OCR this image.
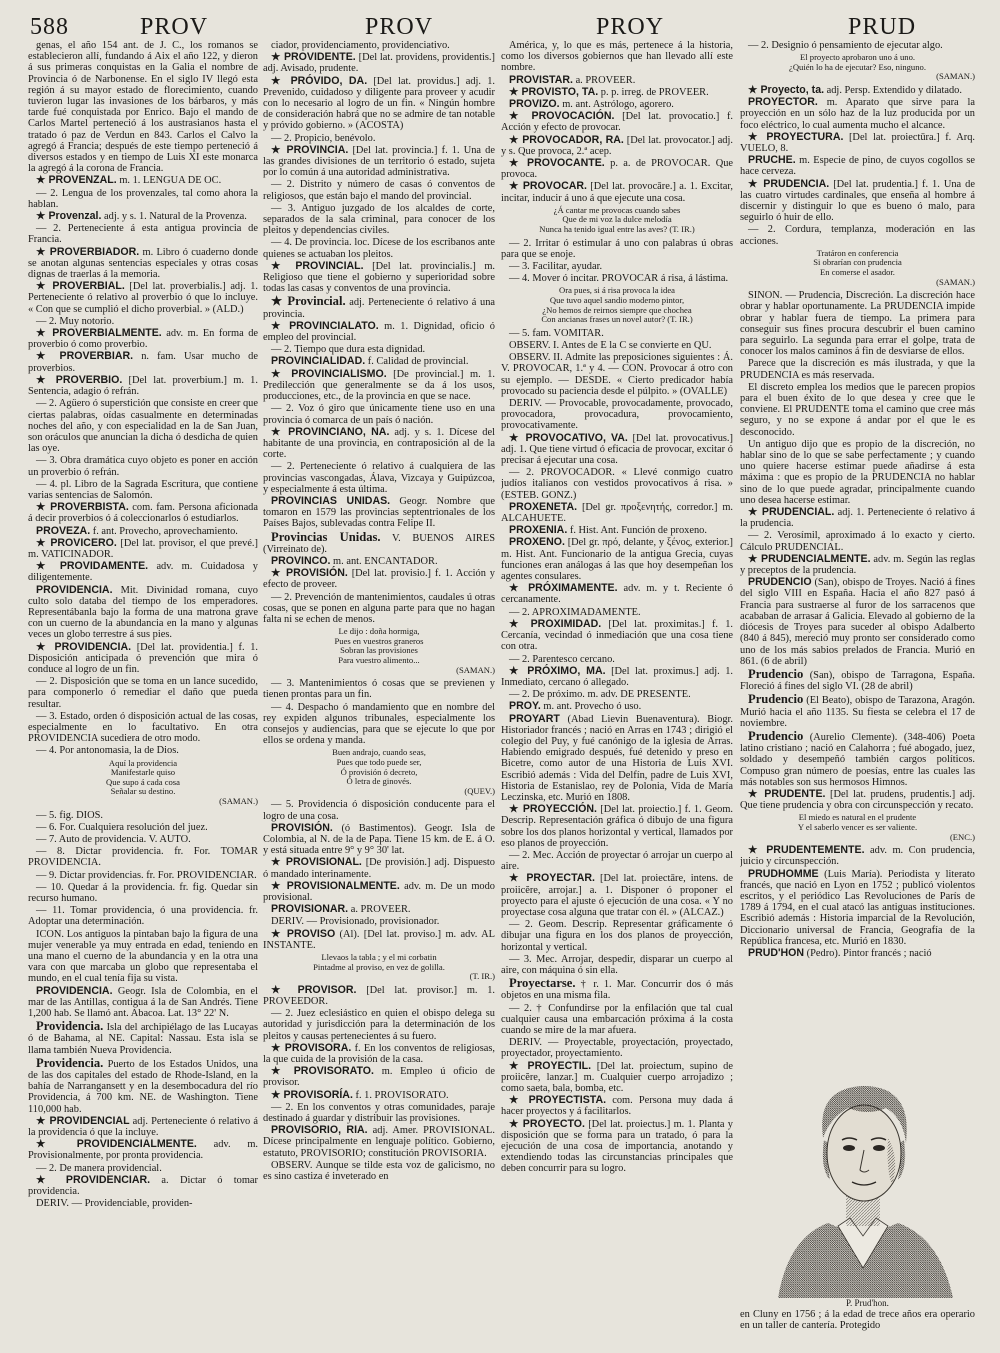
588	PROV	PROV	PROY	PRUD

genas, el año 154 ant. de J. C., los romanos se establecieron allí, fundando á Aix el año 122, y dieron á sus primeras conquistas en la Galia el nombre de Provincia ó de Narbonense. En el siglo IV llegó esta región á su mayor estado de florecimiento, cuando tuvieron lugar las invasiones de los bárbaros, y más tarde fué conquistada por Enrico. Bajo el mando de Carlos Martel perteneció á los austrasianos hasta el tratado ó paz de Verdun en 843. Carlos el Calvo la agregó á Francia; después de este tiempo perteneció á diversos estados y en tiempo de Luis XI este monarca la agregó á la corona de Francia.

★ PROVENZAL. m. 1. LENGUA DE OC.

— 2. Lengua de los provenzales, tal como ahora la hablan.

★ Provenzal. adj. y s. 1. Natural de la Provenza.

— 2. Perteneciente á esta antigua provincia de Francia.

★ PROVERBIADOR. m. Libro ó cuaderno donde se anotan algunas sentencias especiales y otras cosas dignas de traerlas á la memoria.

★ PROVERBIAL. [Del lat. proverbialis.] adj. 1. Perteneciente ó relativo al proverbio ó que lo incluye. « Con que se cumplió el dicho proverbial. » (ALD.)

— 2. Muy notorio.

★ PROVERBIALMENTE. adv. m. En forma de proverbio ó como proverbio.

★ PROVERBIAR. n. fam. Usar mucho de proverbios.

★ PROVERBIO. [Del lat. proverbium.] m. 1. Sentencia, adagio ó refrán.

— 2. Agüero ó superstición que consiste en creer que ciertas palabras, oídas casualmente en determinadas noches del año, y con especialidad en la de San Juan, son oráculos que anuncian la dicha ó desdicha de quien las oye.

— 3. Obra dramática cuyo objeto es poner en acción un proverbio ó refrán.

— 4. pl. Libro de la Sagrada Escritura, que contiene varias sentencias de Salomón.

★ PROVERBISTA. com. fam. Persona aficionada á decir proverbios ó á coleccionarlos ó estudiarlos.

PROVEZA. f. ant. Provecho, aprovechamiento.

★ PROVICERO. [Del lat. provisor, el que prevé.] m. VATICINADOR.

★ PROVIDAMENTE. adv. m. Cuidadosa y diligentemente.

PROVIDENCIA. Mit. Divinidad romana, cuyo culto solo databa del tiempo de los emperadores. Representábanla bajo la forma de una matrona grave con un cuerno de la abundancia en la mano y algunas veces un globo terrestre á sus pies.

★ PROVIDENCIA. [Del lat. providentia.] f. 1. Disposición anticipada ó prevención que mira ó conduce al logro de un fin.

— 2. Disposición que se toma en un lance sucedido, para componerlo ó remediar el daño que pueda resultar.

— 3. Estado, orden ó disposición actual de las cosas, especialmente en lo facultativo. En otra PROVIDENCIA sucediera de otro modo.

— 4. Por antonomasia, la de Dios.

Aquí la providencia
Manifestarle quiso
Que supo á cada cosa
Señalar su destino.
(SAMAN.)

— 5. fig. DIOS.

— 6. For. Cualquiera resolución del juez.

— 7. Auto de providencia. V. AUTO.

— 8. Dictar providencia. fr. For. TOMAR PROVIDENCIA.

— 9. Dictar providencias. fr. For. PROVIDENCIAR.

— 10. Quedar á la providencia. fr. fig. Quedar sin recurso humano.

— 11. Tomar providencia, ó una providencia. fr. Adoptar una determinación.

ICON. Los antiguos la pintaban bajo la figura de una mujer venerable ya muy entrada en edad, teniendo en una mano el cuerno de la abundancia y en la otra una vara con que marcaba un globo que representaba el mundo, en el cual tenía fija su vista.

PROVIDENCIA. Geogr. Isla de Colombia, en el mar de las Antillas, contigua á la de San Andrés. Tiene 1,200 hab. Se llamó ant. Abacoa. Lat. 13° 22' N.

Providencia. Isla del archipiélago de las Lucayas ó de Bahama, al NE. Capital: Nassau. Esta isla se llama también Nueva Providencia.

Providencia. Puerto de los Estados Unidos, una de las dos capitales del estado de Rhode-Island, en la bahía de Narrangansett y en la desembocadura del río Providencia, á 700 km. NE. de Washington. Tiene 110,000 hab.

★ PROVIDENCIAL adj. Perteneciente ó relativo á la providencia ó que la incluye.

★ PROVIDENCIALMENTE. adv. m. Provisionalmente, por pronta providencia.

— 2. De manera providencial.

★ PROVIDENCIAR. a. Dictar ó tomar providencia.

DERIV. — Providenciable, providen-

ciador, providenciamento, providenciativo.

★ PROVIDENTE. [Del lat. providens, providentis.] adj. Avisado, prudente.

★ PRÓVIDO, DA. [Del lat. providus.] adj. 1. Prevenido, cuidadoso y diligente para proveer y acudir con lo necesario al logro de un fin. « Ningún hombre de consideración habrá que no se admire de tan notable y próvido gobierno. » (ACOSTA)

— 2. Propicio, benévolo.

★ PROVINCIA. [Del lat. provincia.] f. 1. Una de las grandes divisiones de un territorio ó estado, sujeta por lo común á una autoridad administrativa.

— 2. Distrito y número de casas ó conventos de religiosos, que están bajo el mando del provincial.

— 3. Antiguo juzgado de los alcaldes de corte, separados de la sala criminal, para conocer de los pleitos y dependencias civiles.

— 4. De provincia. loc. Dícese de los escribanos ante quienes se actuaban los pleitos.

★ PROVINCIAL. [Del lat. provincialis.] m. Religioso que tiene el gobierno y superioridad sobre todas las casas y conventos de una provincia.

★ Provincial. adj. Perteneciente ó relativo á una provincia.

★ PROVINCIALATO. m. 1. Dignidad, oficio ó empleo del provincial.

— 2. Tiempo que dura esta dignidad.

PROVINCIALIDAD. f. Calidad de provincial.

★ PROVINCIALISMO. [De provincial.] m. 1. Predilección que generalmente se da á los usos, producciones, etc., de la provincia en que se nace.

— 2. Voz ó giro que únicamente tiene uso en una provincia ó comarca de un país ó nación.

★ PROVINCIANO, NA. adj. y s. 1. Dícese del habitante de una provincia, en contraposición al de la corte.

— 2. Perteneciente ó relativo á cualquiera de las provincias vascongadas, Álava, Vizcaya y Guipúzcoa, y especialmente á esta última.

PROVINCIAS UNIDAS. Geogr. Nombre que tomaron en 1579 las provincias septentrionales de los Países Bajos, sublevadas contra Felipe II.

Provincias Unidas. V. BUENOS AIRES (Virreinato de).

PROVINCO. m. ant. ENCANTADOR.

★ PROVISIÓN. [Del lat. provisio.] f. 1. Acción y efecto de proveer.

— 2. Prevención de mantenimientos, caudales ú otras cosas, que se ponen en alguna parte para que no hagan falta ni se echen de menos.

Le dijo : doña hormiga,
Pues en vuestros graneros
Sobran las provisiones
Para vuestro alimento...
(SAMAN.)

— 3. Mantenimientos ó cosas que se previenen y tienen prontas para un fin.

— 4. Despacho ó mandamiento que en nombre del rey expiden algunos tribunales, especialmente los consejos y audiencias, para que se ejecute lo que por ellos se ordena y manda.

Buen andrajo, cuando seas,
Pues que todo puede ser,
Ó provisión ó decreto,
Ó letra de ginovés.
(QUEV.)

— 5. Providencia ó disposición conducente para el logro de una cosa.

PROVISIÓN. (ó Bastimentos). Geogr. Isla de Colombia, al N. de la de Papa. Tiene 15 km. de E. á O. y está situada entre 9° y 9° 30' lat.

★ PROVISIONAL. [De provisión.] adj. Dispuesto ó mandado interinamente.

★ PROVISIONALMENTE. adv. m. De un modo provisional.

PROVISIONAR. a. PROVEER.

DERIV. — Provisionado, provisionador.

★ PROVISO (Al). [Del lat. proviso.] m. adv. AL INSTANTE.

Llevaos la tabla ; y el mi corbatin
Pintadme al proviso, en vez de golilla.
(T. IR.)

★ PROVISOR. [Del lat. provisor.] m. 1. PROVEEDOR.

— 2. Juez eclesiástico en quien el obispo delega su autoridad y jurisdicción para la determinación de los pleitos y causas pertenecientes á su fuero.

★ PROVISORA. f. En los conventos de religiosas, la que cuida de la provisión de la casa.

★ PROVISORATO. m. Empleo ú oficio de provisor.

★ PROVISORÍA. f. 1. PROVISORATO.

— 2. En los conventos y otras comunidades, paraje destinado á guardar y distribuir las provisiones.

PROVISORIO, RIA. adj. Amer. PROVISIONAL. Dícese principalmente en lenguaje político. Gobierno, estatuto, PROVISORIO; constitución PROVISORIA.

OBSERV. Aunque se tilde esta voz de galicismo, no es sino castiza é inveterado en

América, y, lo que es más, pertenece á la historia, como los diversos gobiernos que han llevado allí este nombre.

PROVISTAR. a. PROVEER.

★ PROVISTO, TA. p. p. irreg. de PROVEER.

PROVIZO. m. ant. Astrólogo, agorero.

★ PROVOCACIÓN. [Del lat. provocatio.] f. Acción y efecto de provocar.

★ PROVOCADOR, RA. [Del lat. provocator.] adj. y s. Que provoca, 2.ª acep.

★ PROVOCANTE. p. a. de PROVOCAR. Que provoca.

★ PROVOCAR. [Del lat. provocāre.] a. 1. Excitar, incitar, inducir á uno á que ejecute una cosa.

¿Á cantar me provocas cuando sabes
Que de mi voz la dulce melodía
Nunca ha tenido igual entre las aves? (T. IR.)

— 2. Irritar ó estimular á uno con palabras ú obras para que se enoje.

— 3. Facilitar, ayudar.

— 4. Mover ó incitar. PROVOCAR á risa, á lástima.

Ora pues, si á risa provoca la idea
Que tuvo aquel sandio moderno pintor,
¿No hemos de reirnos siempre que chochea
Con ancianas frases un novel autor? (T. IR.)

— 5. fam. VOMITAR.

OBSERV. I. Antes de E la C se convierte en QU.

OBSERV. II. Admite las preposiciones siguientes : Á. V. PROVOCAR, 1.ª y 4. — CON. Provocar á otro con su ejemplo. — DESDE. « Cierto predicador había provocado su paciencia desde el púlpito. » (OVALLE)

DERIV. — Provocable, provocadamente, provocado, provocadora, provocadura, provocamiento, provocativamente.

★ PROVOCATIVO, VA. [Del lat. provocativus.] adj. 1. Que tiene virtud ó eficacia de provocar, excitar ó precisar á ejecutar una cosa.

— 2. PROVOCADOR. « Llevé conmigo cuatro judíos italianos con vestidos provocativos á risa. » (ESTEB. GONZ.)

PROXENETA. [Del gr. προξενητής, corredor.] m. ALCAHUETE.

PROXENIA. f. Hist. Ant. Función de proxeno.

PROXENO. [Del gr. πρό, delante, y ξένος, exterior.] m. Hist. Ant. Funcionario de la antigua Grecia, cuyas funciones eran análogas á las que hoy desempeñan los agentes consulares.

★ PRÓXIMAMENTE. adv. m. y t. Reciente ó cercanamente.

— 2. APROXIMADAMENTE.

★ PROXIMIDAD. [Del lat. proximitas.] f. 1. Cercanía, vecindad ó inmediación que una cosa tiene con otra.

— 2. Parentesco cercano.

★ PRÓXIMO, MA. [Del lat. proximus.] adj. 1. Inmediato, cercano ó allegado.

— 2. De próximo. m. adv. DE PRESENTE.

PROY. m. ant. Provecho ó uso.

PROYART (Abad Lievin Buenaventura). Biogr. Historiador francés ; nació en Arras en 1743 ; dirigió el colegio del Puy, y fué canónigo de la iglesia de Arras. Habiendo emigrado después, fué detenido y preso en Bicetre, como autor de una Historia de Luis XVI. Escribió además : Vida del Delfín, padre de Luis XVI, Historia de Estanislao, rey de Polonia, Vida de María Leczinska, etc. Murió en 1808.

★ PROYECCIÓN. [Del lat. proiectio.] f. 1. Geom. Descrip. Representación gráfica ó dibujo de una figura sobre los dos planos horizontal y vertical, llamados por eso planos de proyección.

— 2. Mec. Acción de proyectar ó arrojar un cuerpo al aire.

★ PROYECTAR. [Del lat. proiectāre, intens. de proiicĕre, arrojar.] a. 1. Disponer ó proponer el proyecto para el ajuste ó ejecución de una cosa. « Y no proyectase cosa alguna que tratar con él. » (ALCAZ.)

— 2. Geom. Descrip. Representar gráficamente ó dibujar una figura en los dos planos de proyección, horizontal y vertical.

— 3. Mec. Arrojar, despedir, disparar un cuerpo al aire, con máquina ó sin ella.

Proyectarse. † r. 1. Mar. Concurrir dos ó más objetos en una misma fila.

— 2. † Confundirse por la enfilación que tal cual cualquier causa una embarcación próxima á la costa cuando se mire de la mar afuera.

DERIV. — Proyectable, proyectación, proyectado, proyectador, proyectamiento.

★ PROYECTIL. [Del lat. proiectum, supino de proiicĕre, lanzar.] m. Cualquier cuerpo arrojadizo ; como saeta, bala, bomba, etc.

★ PROYECTISTA. com. Persona muy dada á hacer proyectos y á facilitarlos.

★ PROYECTO. [Del lat. proiectus.] m. 1. Planta y disposición que se forma para un tratado, ó para la ejecución de una cosa de importancia, anotando y extendiendo todas las circunstancias principales que deben concurrir para su logro.

— 2. Designio ó pensamiento de ejecutar algo.

El proyecto aprobaron uno á uno.
¿Quién lo ha de ejecutar? Eso, ninguno.
(SAMAN.)

★ Proyecto, ta. adj. Persp. Extendido y dilatado.

PROYECTOR. m. Aparato que sirve para la proyección en un sólo haz de la luz producida por un foco eléctrico, lo cual aumenta mucho el alcance.

★ PROYECTURA. [Del lat. proiectūra.] f. Arq. VUELO, 8.

PRUCHE. m. Especie de pino, de cuyos cogollos se hace cerveza.

★ PRUDENCIA. [Del lat. prudentia.] f. 1. Una de las cuatro virtudes cardinales, que enseña al hombre á discernir y distinguir lo que es bueno ó malo, para seguirlo ó huir de ello.

— 2. Cordura, templanza, moderación en las acciones.

Tratáron en conferencia
Si obrarían con prudencia
En comerse el asador.
(SAMAN.)

SINON. — Prudencia, Discreción. La discreción hace obrar y hablar oportunamente. La PRUDENCIA impide obrar y hablar fuera de tiempo. La primera para conseguir sus fines procura descubrir el buen camino para seguirlo. La segunda para errar el golpe, trata de conocer los malos caminos á fin de desviarse de ellos.

Parece que la discreción es más ilustrada, y que la PRUDENCIA es más reservada.

El discreto emplea los medios que le parecen propios para el buen éxito de lo que desea y cree que le conviene. El PRUDENTE toma el camino que cree más seguro, y no se expone á andar por el que le es desconocido.

Un antiguo dijo que es propio de la discreción, no hablar sino de lo que se sabe perfectamente ; y cuando uno quiere hacerse estimar puede añadirse á esta máxima : que es propio de la PRUDENCIA no hablar sino de lo que puede agradar, principalmente cuando uno desea hacerse estimar.

★ PRUDENCIAL. adj. 1. Perteneciente ó relativo á la prudencia.

— 2. Verosímil, aproximado á lo exacto y cierto. Cálculo PRUDENCIAL.

★ PRUDENCIALMENTE. adv. m. Según las reglas y preceptos de la prudencia.

PRUDENCIO (San), obispo de Troyes. Nació á fines del siglo VIII en España. Hacia el año 827 pasó á Francia para sustraerse al furor de los sarracenos que acababan de arrasar á Galicia. Elevado al gobierno de la diócesis de Troyes para suceder al obispo Adalberto (840 á 845), mereció muy pronto ser considerado como uno de los más sabios prelados de Francia. Murió en 861. (6 de abril)

Prudencio (San), obispo de Tarragona, España. Floreció á fines del siglo VI. (28 de abril)

Prudencio (El Beato), obispo de Tarazona, Aragón. Murió hacia el año 1135. Su fiesta se celebra el 17 de noviembre.

Prudencio (Aurelio Clemente). (348-406) Poeta latino cristiano ; nació en Calahorra ; fué abogado, juez, soldado y desempeñó también cargos políticos. Compuso gran número de poesías, entre las cuales las más notables son sus hermosos Himnos.

★ PRUDENTE. [Del lat. prudens, prudentis.] adj. Que tiene prudencia y obra con circunspección y recato.

El miedo es natural en el prudente
Y el saberlo vencer es ser valiente.
(ENC.)

★ PRUDENTEMENTE. adv. m. Con prudencia, juicio y circunspección.

PRUDHOMME (Luis María). Periodista y literato francés, que nació en Lyon en 1752 ; publicó violentos escritos, y el periódico Las Revoluciones de París de 1789 á 1794, en el cual atacó las antiguas instituciones. Escribió además : Historia imparcial de la Revolución, Diccionario universal de Francia, Geografía de la República francesa, etc. Murió en 1830.

PRUD'HON (Pedro). Pintor francés ; nació

P. Prud'hon.
en Cluny en 1756 ; á la edad de trece años era operario en un taller de cantería. Protegido
